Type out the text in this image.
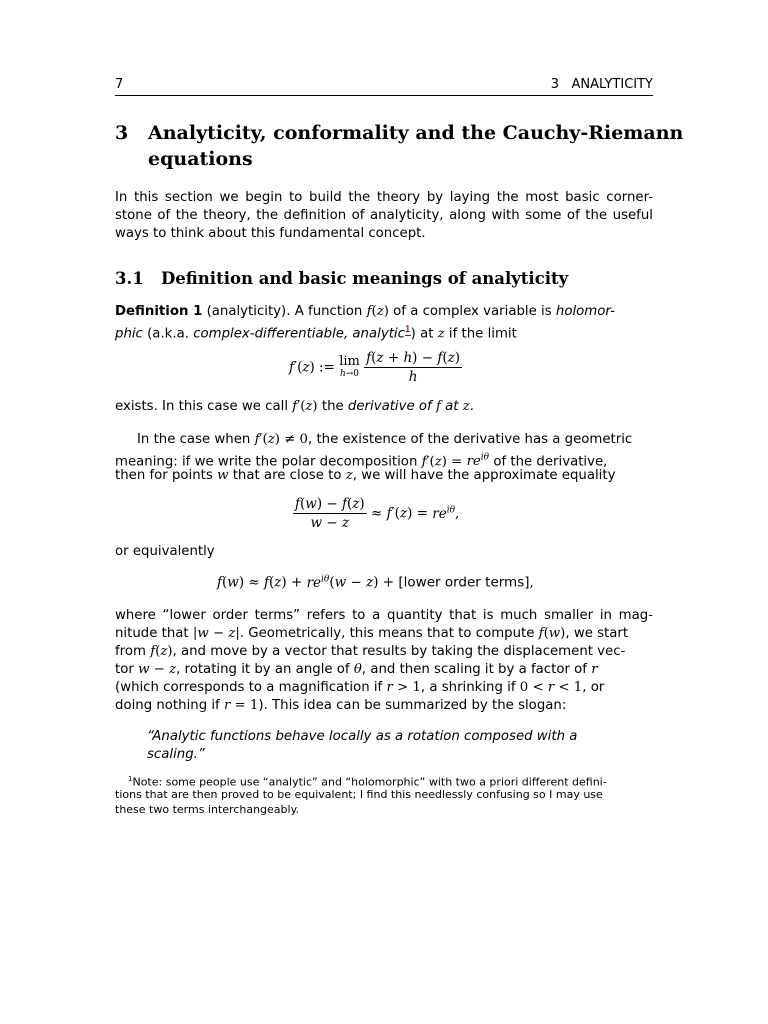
7	3   ANALYTICITY
3 Analyticity, conformality and the Cauchy-Riemann
equations
In this section we begin to build the theory by laying the most basic corner-
stone of the theory, the definition of analyticity, along with some of the useful
ways to think about this fundamental concept.
3.1 Definition and basic meanings of analyticity
Definition 1 (analyticity). A function f(z) of a complex variable is holomor-
phic (a.k.a. complex-differentiable, analytic$^1$) at z if the limit
f′(z) := lim
h→0
$\frac{f(z + h) - f(z)}{h}$
exists. In this case we call f′(z) the derivative of f at z.
In the case when f′(z) ≠ 0, the existence of the derivative has a geometric
meaning: if we write the polar decomposition $f'(z) = re^{i\theta}$ of the derivative,
then for points w that are close to z, we will have the approximate equality
$\frac{f(w) - f(z)}{w - z} \approx f'(z) = re^{i\theta}$,
or equivalently
$f(w) \approx f(z) + re^{i\theta}(w - z)$ + [lower order terms],
where “lower order terms” refers to a quantity that is much smaller in mag-
nitude that |w − z|. Geometrically, this means that to compute f(w), we start
from f(z), and move by a vector that results by taking the displacement vec-
tor w − z, rotating it by an angle of θ, and then scaling it by a factor of r
(which corresponds to a magnification if r > 1, a shrinking if 0 < r < 1, or
doing nothing if r = 1). This idea can be summarized by the slogan:
“Analytic functions behave locally as a rotation composed with a
scaling.”
$^1$Note: some people use “analytic” and “holomorphic” with two a priori different defini-
tions that are then proved to be equivalent; I find this needlessly confusing so I may use
these two terms interchangeably.
